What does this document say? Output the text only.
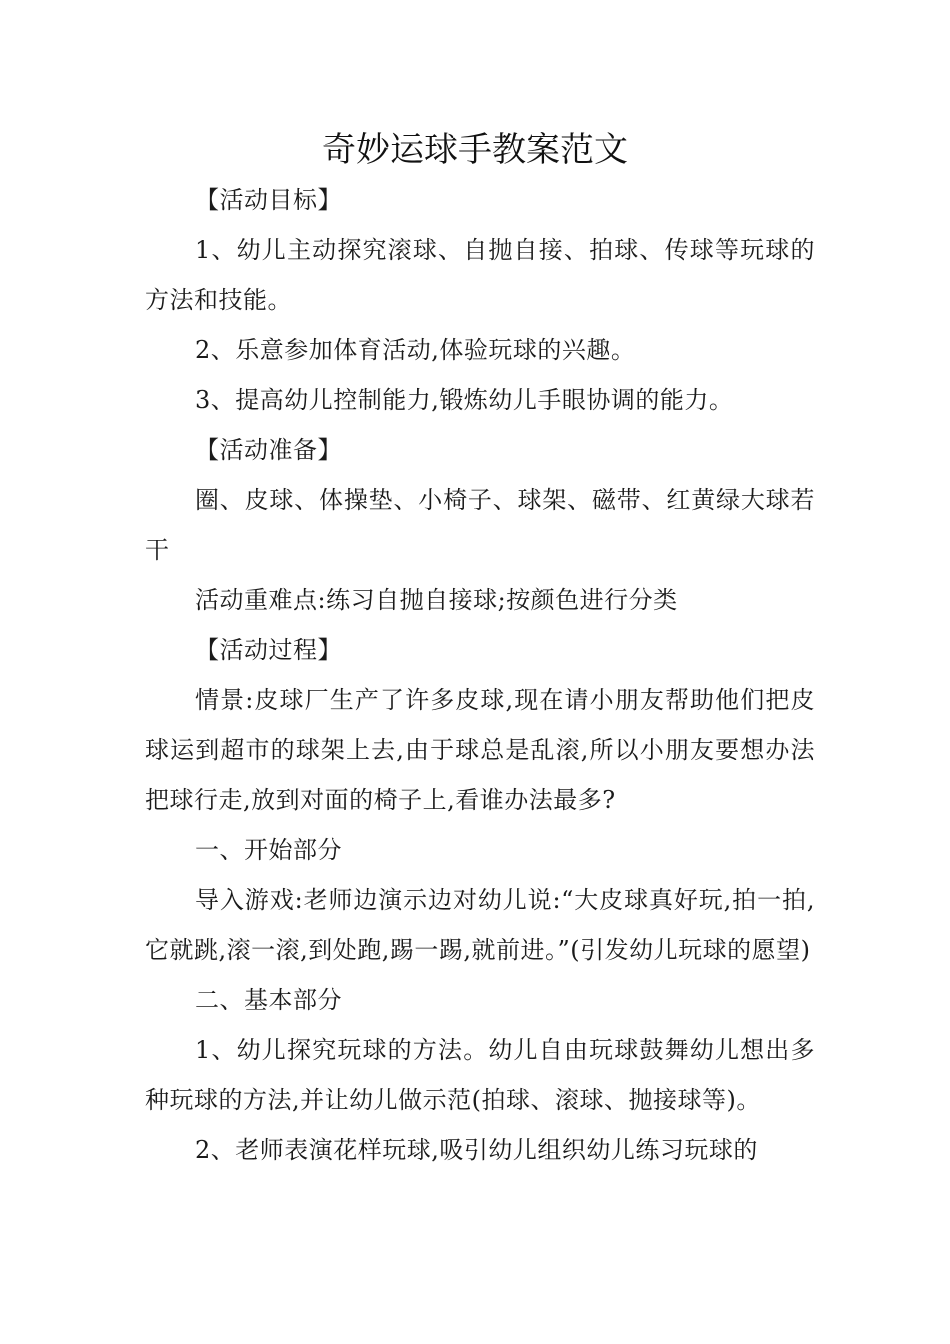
奇妙运球手教案范文

【活动目标】

1、幼儿主动探究滚球、自抛自接、拍球、传球等玩球的方法和技能。

2、乐意参加体育活动,体验玩球的兴趣。

3、提高幼儿控制能力,锻炼幼儿手眼协调的能力。

【活动准备】

圈、皮球、体操垫、小椅子、球架、磁带、红黄绿大球若干

活动重难点:练习自抛自接球;按颜色进行分类

【活动过程】

情景:皮球厂生产了许多皮球,现在请小朋友帮助他们把皮球运到超市的球架上去,由于球总是乱滚,所以小朋友要想办法把球行走,放到对面的椅子上,看谁办法最多?

一、开始部分

导入游戏:老师边演示边对幼儿说:“大皮球真好玩,拍一拍,它就跳,滚一滚,到处跑,踢一踢,就前进。”(引发幼儿玩球的愿望)

二、基本部分

1、幼儿探究玩球的方法。幼儿自由玩球鼓舞幼儿想出多种玩球的方法,并让幼儿做示范(拍球、滚球、抛接球等)。

2、老师表演花样玩球,吸引幼儿组织幼儿练习玩球的
